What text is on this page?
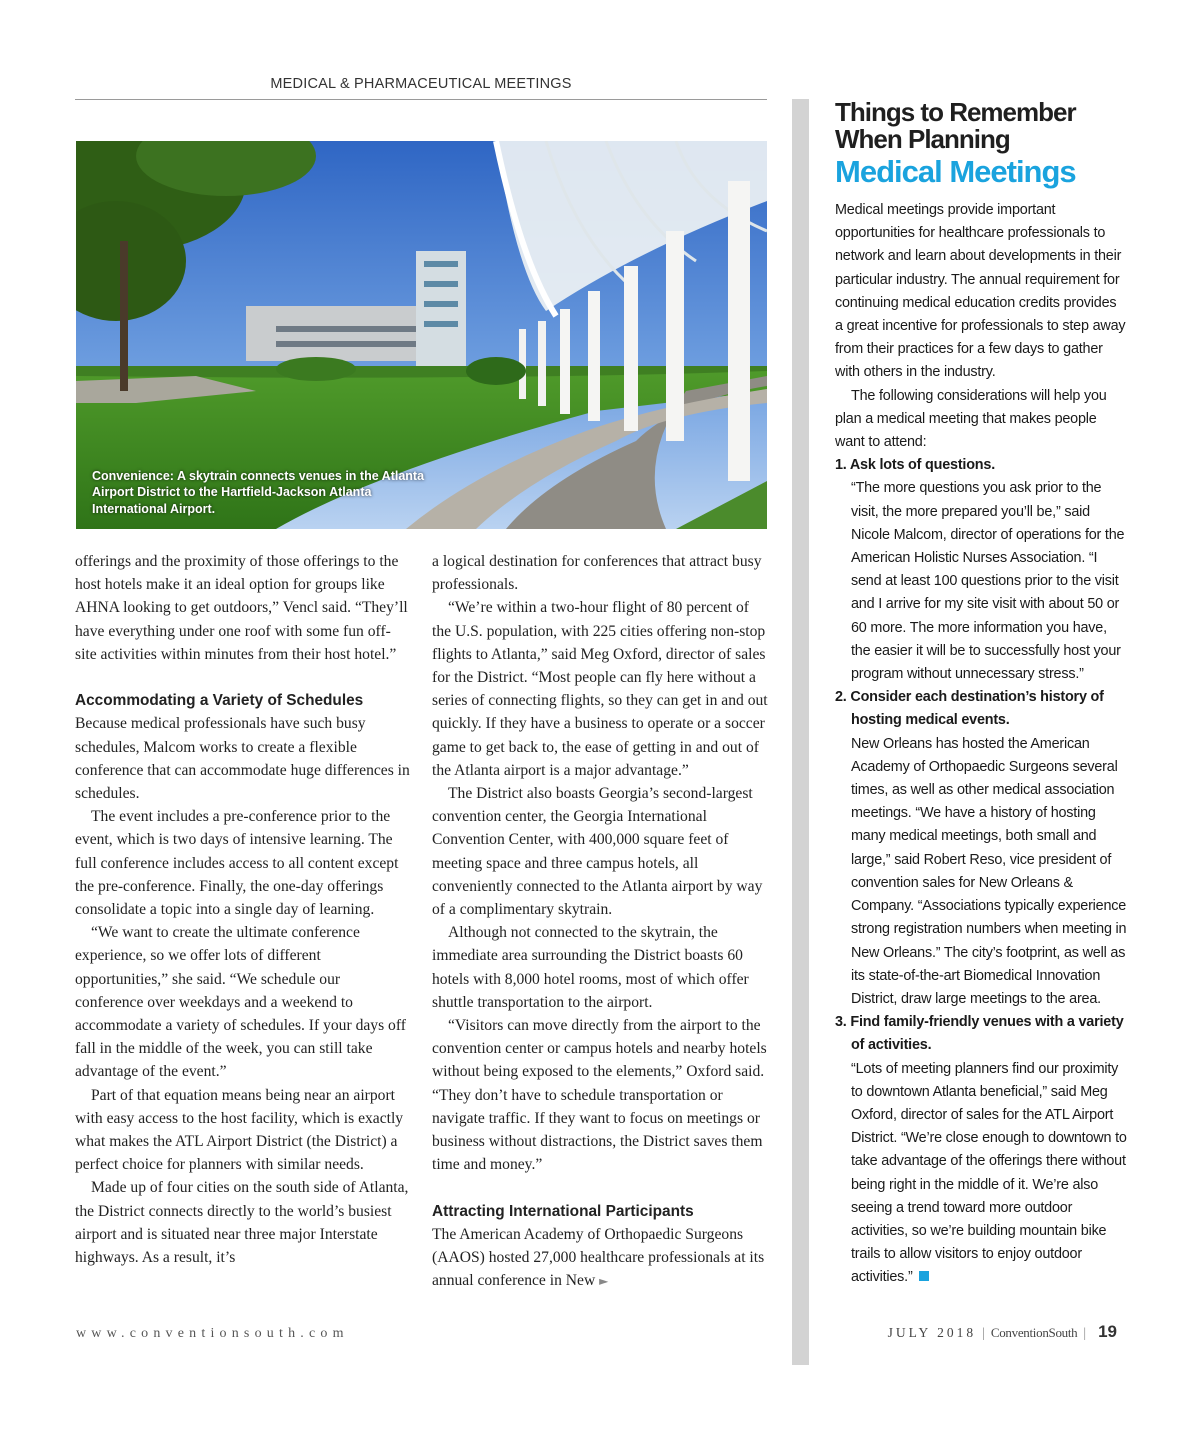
MEDICAL & PHARMACEUTICAL MEETINGS
Convenience: A skytrain connects venues in the Atlanta Airport District to the Hartfield-Jackson Atlanta International Airport.

offerings and the proximity of those offerings to the host hotels make it an ideal option for groups like AHNA looking to get outdoors,” Vencl said. “They’ll have everything under one roof with some fun off-site activities within minutes from their host hotel.”

Accommodating a Variety of Schedules

Because medical professionals have such busy schedules, Malcom works to create a flexible conference that can accommodate huge differences in schedules.

The event includes a pre-conference prior to the event, which is two days of intensive learning. The full conference includes access to all content except the pre-conference. Finally, the one-day offerings consolidate a topic into a single day of learning.

“We want to create the ultimate conference experience, so we offer lots of different opportunities,” she said. “We schedule our conference over weekdays and a weekend to accommodate a variety of schedules. If your days off fall in the middle of the week, you can still take advantage of the event.”

Part of that equation means being near an airport with easy access to the host facility, which is exactly what makes the ATL Airport District (the District) a perfect choice for planners with similar needs.

Made up of four cities on the south side of Atlanta, the District connects directly to the world’s busiest airport and is situated near three major Interstate highways. As a result, it’s

a logical destination for conferences that attract busy professionals.

“We’re within a two-hour flight of 80 percent of the U.S. population, with 225 cities offering non-stop flights to Atlanta,” said Meg Oxford, director of sales for the District. “Most people can fly here without a series of connecting flights, so they can get in and out quickly. If they have a business to operate or a soccer game to get back to, the ease of getting in and out of the Atlanta airport is a major advantage.”

The District also boasts Georgia’s second-largest convention center, the Georgia International Convention Center, with 400,000 square feet of meeting space and three campus hotels, all conveniently connected to the Atlanta airport by way of a complimentary skytrain.

Although not connected to the skytrain, the immediate area surrounding the District boasts 60 hotels with 8,000 hotel rooms, most of which offer shuttle transportation to the airport.

“Visitors can move directly from the airport to the convention center or campus hotels and nearby hotels without being exposed to the elements,” Oxford said. “They don’t have to schedule transportation or navigate traffic. If they want to focus on meetings or business without distractions, the District saves them time and money.”

Attracting International Participants

The American Academy of Orthopaedic Surgeons (AAOS) hosted 27,000 healthcare professionals at its annual conference in New ►

Things to Remember
When Planning
Medical Meetings

Medical meetings provide important opportunities for healthcare professionals to network and learn about developments in their particular industry. The annual requirement for continuing medical education credits provides a great incentive for professionals to step away from their practices for a few days to gather with others in the industry.

The following considerations will help you plan a medical meeting that makes people want to attend:

1. Ask lots of questions.

“The more questions you ask prior to the visit, the more prepared you’ll be,” said Nicole Malcom, director of operations for the American Holistic Nurses Association. “I send at least 100 questions prior to the visit and I arrive for my site visit with about 50 or 60 more. The more information you have, the easier it will be to successfully host your program without unnecessary stress.”

2. Consider each destination’s history of hosting medical events.

New Orleans has hosted the American Academy of Orthopaedic Surgeons several times, as well as other medical association meetings. “We have a history of hosting many medical meetings, both small and large,” said Robert Reso, vice president of convention sales for New Orleans & Company. “Associations typically experience strong registration numbers when meeting in New Orleans.” The city’s footprint, as well as its state-of-the-art Biomedical Innovation District, draw large meetings to the area.

3. Find family-friendly venues with a variety of activities.

“Lots of meeting planners find our proximity to downtown Atlanta beneficial,” said Meg Oxford, director of sales for the ATL Airport District. “We’re close enough to downtown to take advantage of the offerings there without being right in the middle of it. We’re also seeing a trend toward more outdoor activities, so we’re building mountain bike trails to allow visitors to enjoy outdoor activities.”

www.conventionsouth.com	JULY 2018 | ConventionSouth | 19
